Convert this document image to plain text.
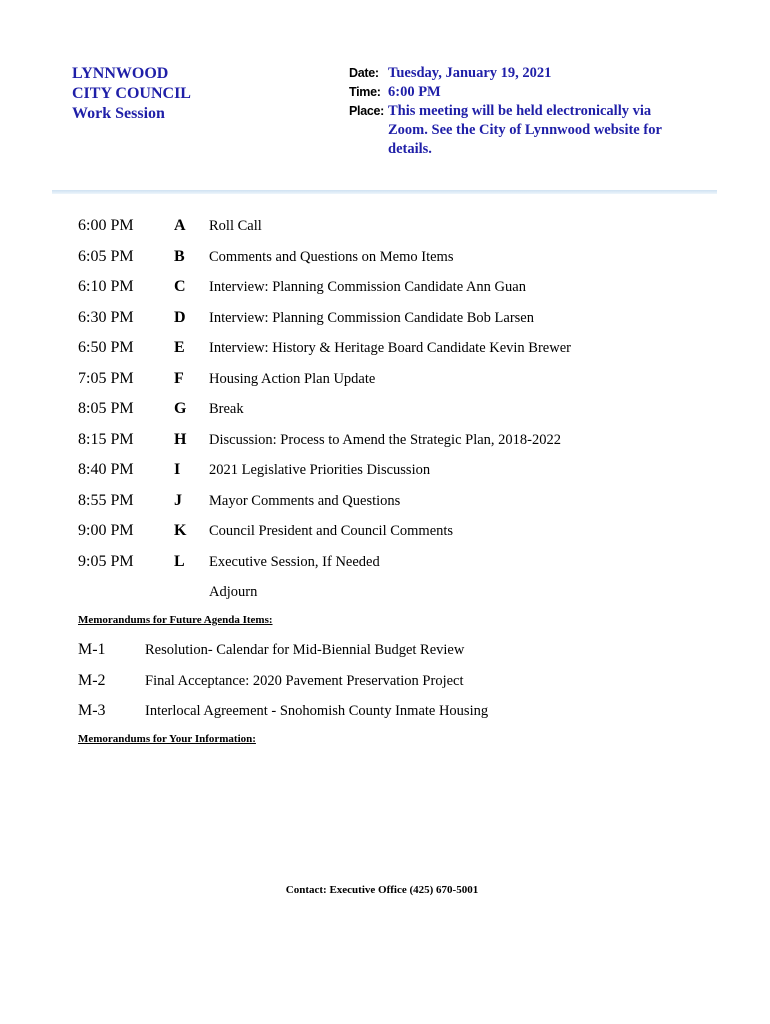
LYNNWOOD
CITY COUNCIL
Work Session
Date: Tuesday, January 19, 2021
Time: 6:00 PM
Place: This meeting will be held electronically via Zoom. See the City of Lynnwood website for details.
6:00 PM	A Roll Call
6:05 PM	B Comments and Questions on Memo Items
6:10 PM	C Interview: Planning Commission Candidate Ann Guan
6:30 PM	D Interview: Planning Commission Candidate Bob Larsen
6:50 PM	E Interview: History & Heritage Board Candidate Kevin Brewer
7:05 PM	F Housing Action Plan Update
8:05 PM	G Break
8:15 PM	H Discussion: Process to Amend the Strategic Plan, 2018-2022
8:40 PM	I 2021 Legislative Priorities Discussion
8:55 PM	J Mayor Comments and Questions
9:00 PM	K Council President and Council Comments
9:05 PM	L Executive Session, If Needed
Adjourn
Memorandums for Future Agenda Items:
M-1	Resolution- Calendar for Mid-Biennial Budget Review
M-2	Final Acceptance: 2020 Pavement Preservation Project
M-3	Interlocal Agreement - Snohomish County Inmate Housing
Memorandums for Your Information:
Contact: Executive Office (425) 670-5001
